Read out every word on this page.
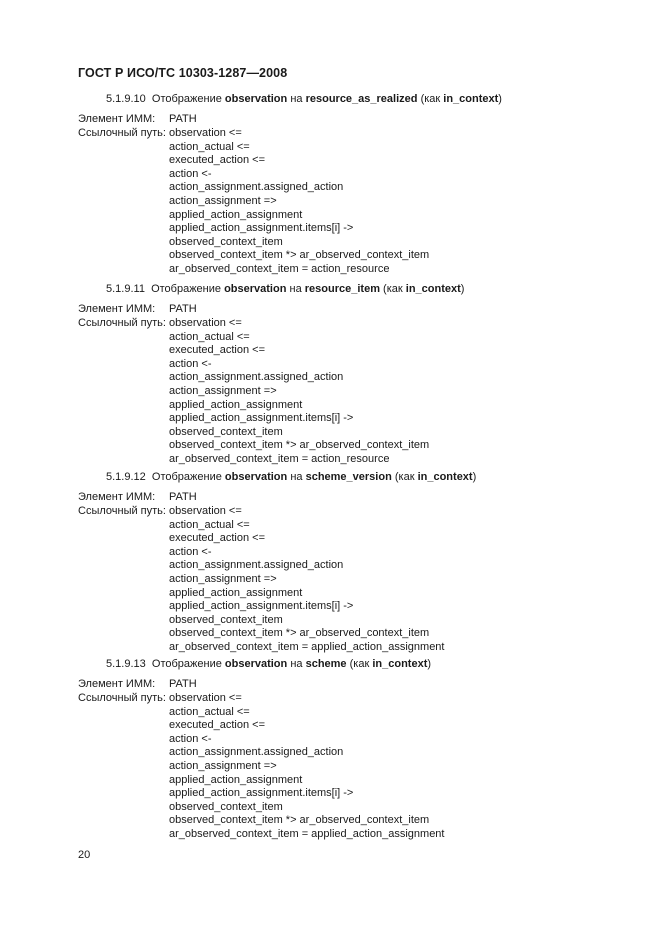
ГОСТ Р ИСО/ТС 10303-1287—2008
5.1.9.10 Отображение observation на resource_as_realized (как in_context)
Элемент ИММ: PATH
Ссылочный путь: observation <=
action_actual <=
executed_action <=
action <-
action_assignment.assigned_action
action_assignment =>
applied_action_assignment
applied_action_assignment.items[i] ->
observed_context_item
observed_context_item *> ar_observed_context_item
ar_observed_context_item = action_resource
5.1.9.11 Отображение observation на resource_item (как in_context)
Элемент ИММ: PATH
Ссылочный путь: observation <=
action_actual <=
executed_action <=
action <-
action_assignment.assigned_action
action_assignment =>
applied_action_assignment
applied_action_assignment.items[i] ->
observed_context_item
observed_context_item *> ar_observed_context_item
ar_observed_context_item = action_resource
5.1.9.12 Отображение observation на scheme_version (как in_context)
Элемент ИММ: PATH
Ссылочный путь: observation <=
action_actual <=
executed_action <=
action <-
action_assignment.assigned_action
action_assignment =>
applied_action_assignment
applied_action_assignment.items[i] ->
observed_context_item
observed_context_item *> ar_observed_context_item
ar_observed_context_item = applied_action_assignment
5.1.9.13 Отображение observation на scheme (как in_context)
Элемент ИММ: PATH
Ссылочный путь: observation <=
action_actual <=
executed_action <=
action <-
action_assignment.assigned_action
action_assignment =>
applied_action_assignment
applied_action_assignment.items[i] ->
observed_context_item
observed_context_item *> ar_observed_context_item
ar_observed_context_item = applied_action_assignment
20
